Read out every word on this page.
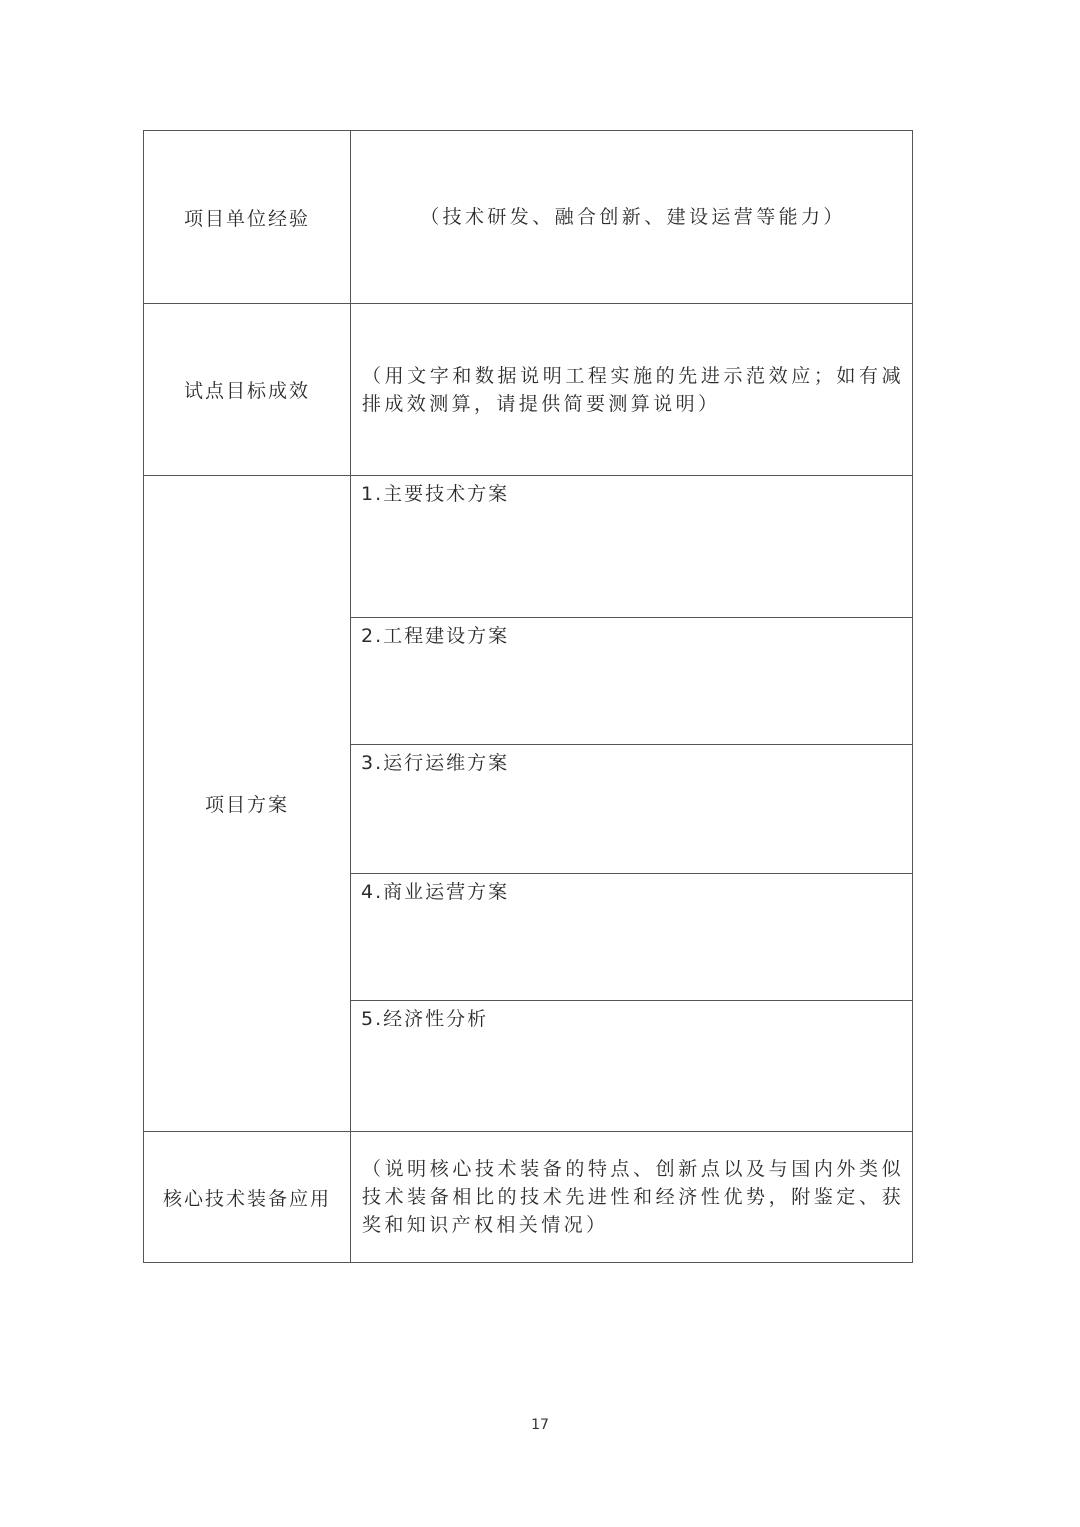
项目单位经验	（技术研发、融合创新、建设运营等能力）
试点目标成效	（用文字和数据说明工程实施的先进示范效应；如有减排成效测算，请提供简要测算说明）
项目方案	1.主要技术方案
	2.工程建设方案
	3.运行运维方案
	4.商业运营方案
	5.经济性分析
核心技术装备应用	（说明核心技术装备的特点、创新点以及与国内外类似技术装备相比的技术先进性和经济性优势，附鉴定、获奖和知识产权相关情况）
17
